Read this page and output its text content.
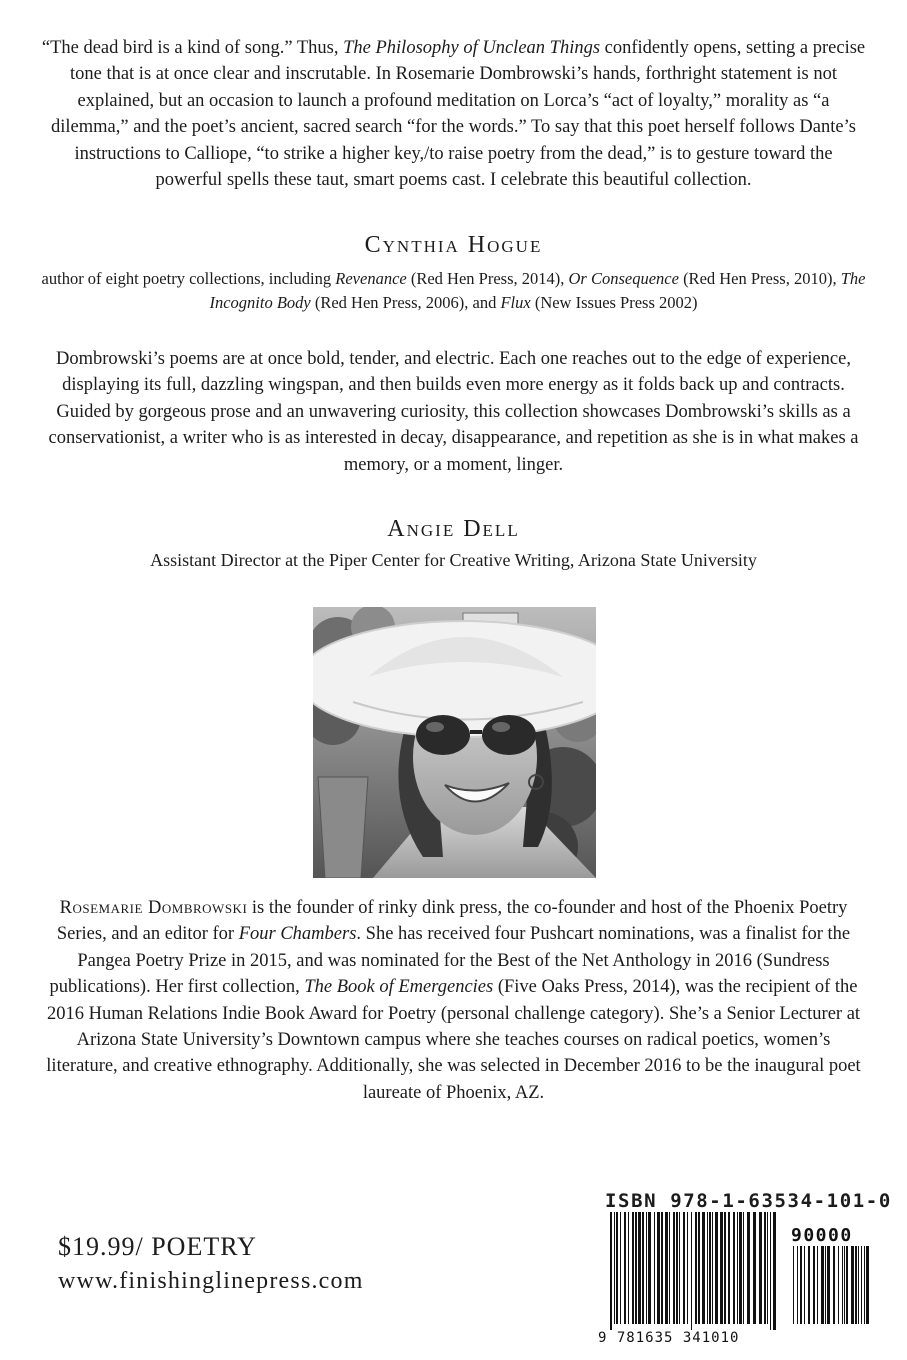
“The dead bird is a kind of song.” Thus, The Philosophy of Unclean Things confidently opens, setting a precise tone that is at once clear and inscrutable. In Rosemarie Dombrowski’s hands, forthright statement is not explained, but an occasion to launch a profound meditation on Lorca’s “act of loyalty,” morality as “a dilemma,” and the poet’s ancient, sacred search “for the words.” To say that this poet herself follows Dante’s instructions to Calliope, “to strike a higher key,/to raise poetry from the dead,” is to gesture toward the powerful spells these taut, smart poems cast. I celebrate this beautiful collection.

Cynthia Hogue

author of eight poetry collections, including Revenance (Red Hen Press, 2014), Or Consequence (Red Hen Press, 2010), The Incognito Body (Red Hen Press, 2006), and Flux (New Issues Press 2002)

Dombrowski’s poems are at once bold, tender, and electric. Each one reaches out to the edge of experience, displaying its full, dazzling wingspan, and then builds even more energy as it folds back up and contracts. Guided by gorgeous prose and an unwavering curiosity, this collection showcases Dombrowski’s skills as a conservationist, a writer who is as interested in decay, disappearance, and repetition as she is in what makes a memory, or a moment, linger.

Angie Dell

Assistant Director at the Piper Center for Creative Writing, Arizona State University

Rosemarie Dombrowski is the founder of rinky dink press, the co-founder and host of the Phoenix Poetry Series, and an editor for Four Chambers. She has received four Pushcart nominations, was a finalist for the Pangea Poetry Prize in 2015, and was nominated for the Best of the Net Anthology in 2016 (Sundress publications). Her first collection, The Book of Emergencies (Five Oaks Press, 2014), was the recipient of the 2016 Human Relations Indie Book Award for Poetry (personal challenge category). She’s a Senior Lecturer at Arizona State University’s Downtown campus where she teaches courses on radical poetics, women’s literature, and creative ethnography. Additionally, she was selected in December 2016 to be the inaugural poet laureate of Phoenix, AZ.

$19.99/ POETRY

www.finishinglinepress.com

ISBN 978-1-63534-101-0

90000
9 781635 341010
